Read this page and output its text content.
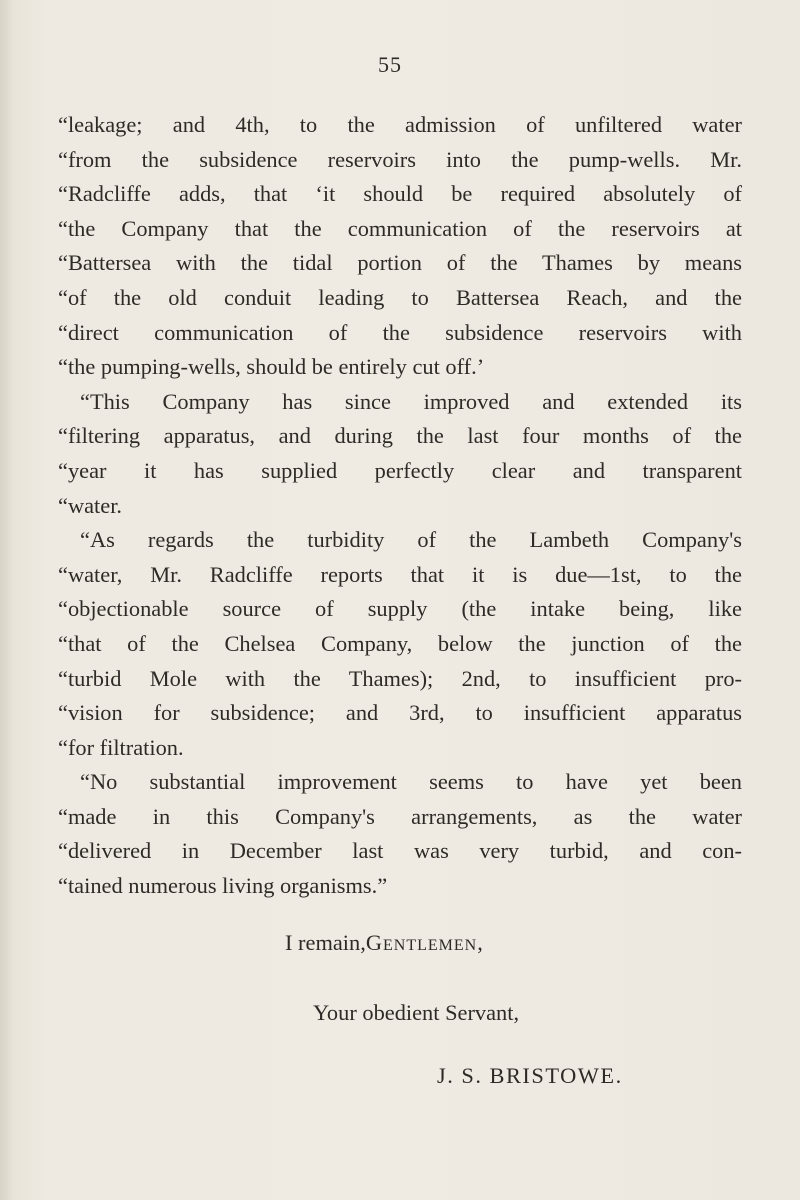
55
“leakage; and 4th, to the admission of unfiltered water
“from the subsidence reservoirs into the pump-wells. Mr.
“Radcliffe adds, that ‘it should be required absolutely of
“the Company that the communication of the reservoirs at
“Battersea with the tidal portion of the Thames by means
“of the old conduit leading to Battersea Reach, and the
“direct communication of the subsidence reservoirs with
“the pumping-wells, should be entirely cut off.’
“This Company has since improved and extended its
“filtering apparatus, and during the last four months of the
“year it has supplied perfectly clear and transparent
“water.
“As regards the turbidity of the Lambeth Company's
“water, Mr. Radcliffe reports that it is due—1st, to the
“objectionable source of supply (the intake being, like
“that of the Chelsea Company, below the junction of the
“turbid Mole with the Thames); 2nd, to insufficient pro-
“vision for subsidence; and 3rd, to insufficient apparatus
“for filtration.
“No substantial improvement seems to have yet been
“made in this Company's arrangements, as the water
“delivered in December last was very turbid, and con-
“tained numerous living organisms.”
I remain,Gentlemen,
Your obedient Servant,
J. S. BRISTOWE.
